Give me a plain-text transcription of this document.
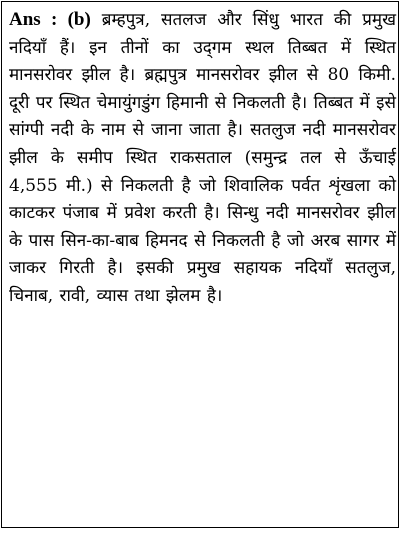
Ans : (b) ब्रम्हपुत्र, सतलज और सिंधु भारत की प्रमुख नदियाँ हैं। इन तीनों का उद्‌गम स्थल तिब्बत में स्थित मानसरोवर झील है। ब्रह्मपुत्र मानसरोवर झील से 80 किमी. दूरी पर स्थित चेमायुंगडुंग हिमानी से निकलती है। तिब्बत में इसे सांग्पी नदी के नाम से जाना जाता है। सतलुज नदी मानसरोवर झील के समीप स्थित राकसताल (समुन्द्र तल से ऊँचाई 4,555 मी.) से निकलती है जो शिवालिक पर्वत शृंखला को काटकर पंजाब में प्रवेश करती है। सिन्धु नदी मानसरोवर झील के पास सिन-का-बाब हिमनद से निकलती है जो अरब सागर में जाकर गिरती है। इसकी प्रमुख सहायक नदियाँ सतलुज, चिनाब, रावी, व्यास तथा झेलम है।
